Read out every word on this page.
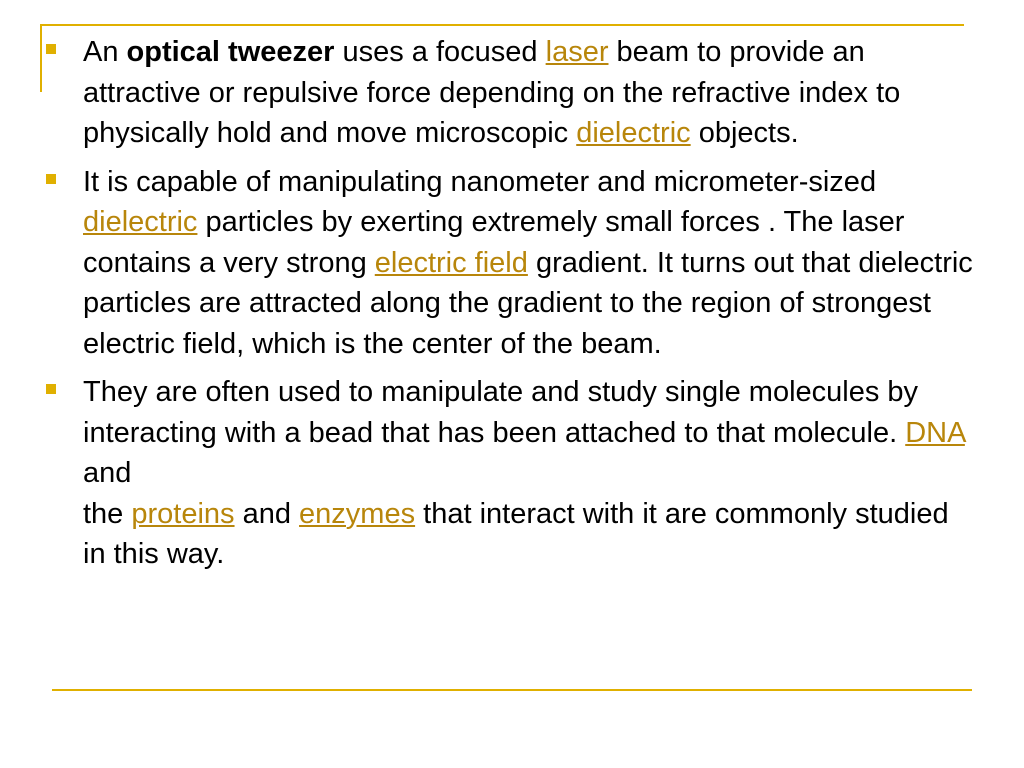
An optical tweezer uses a focused laser beam to provide an attractive or repulsive force depending on the refractive index to physically hold and move microscopic dielectric objects.
It is capable of manipulating nanometer and micrometer-sized dielectric particles by exerting extremely small forces . The laser contains a very strong electric field gradient. It turns out that dielectric particles are attracted along the gradient to the region of strongest electric field, which is the center of the beam.
They are often used to manipulate and study single molecules by interacting with a bead that has been attached to that molecule. DNA and
the proteins and enzymes that interact with it are commonly studied in this way.
